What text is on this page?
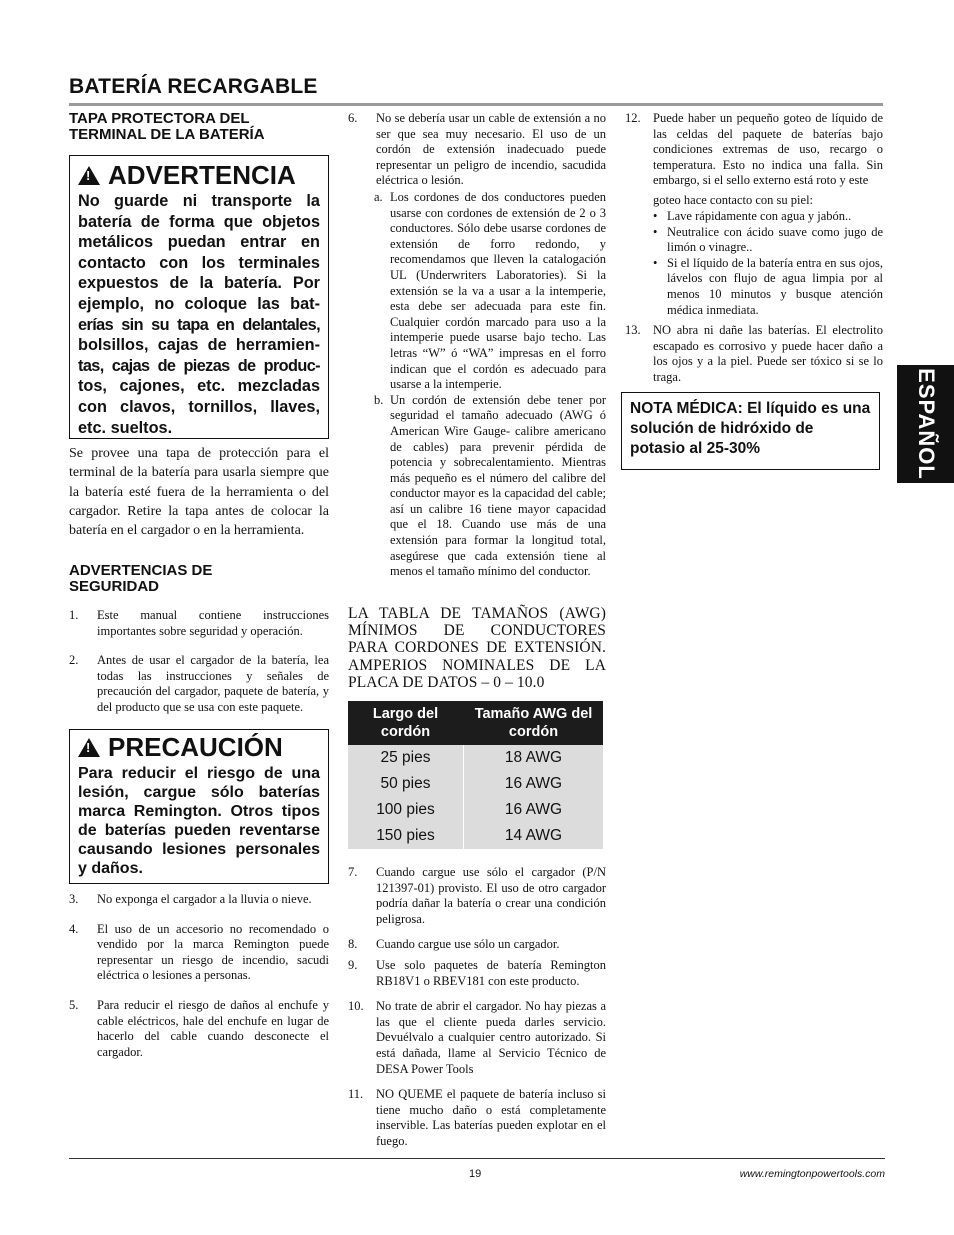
BATERÍA RECARGABLE
TAPA PROTECTORA DEL TERMINAL DE LA BATERÍA
!
ADVERTENCIA
No guarde ni transporte la
batería de forma que objetos
metálicos puedan entrar en
contacto con los terminales
expuestos de la batería. Por
ejemplo, no coloque las bat-
erías sin su tapa en delantales,
bolsillos, cajas de herramien-
tas, cajas de piezas de produc-
tos, cajones, etc. mezcladas
con clavos, tornillos, llaves,
etc. sueltos.
Se provee una tapa de protección para el terminal de la batería para usarla siempre que la batería esté fuera de la herramienta o del cargador. Retire la tapa antes de colocar la batería en el cargador o en la herramienta.
ADVERTENCIAS DE SEGURIDAD
1. Este manual contiene instrucciones importantes sobre seguridad y operación.
2. Antes de usar el cargador de la batería, lea todas las instrucciones y señales de precaución del cargador, paquete de batería, y del producto que se usa con este paquete.
!
PRECAUCIÓN
Para reducir el riesgo de una lesión, cargue sólo baterías marca Remington. Otros tipos de baterías pueden reventarse causando lesiones personales y daños.
3. No exponga el cargador a la lluvia o nieve.
4. El uso de un accesorio no recomendado o vendido por la marca Remington puede representar un riesgo de incendio, sacudi eléctrica o lesiones a personas.
5. Para reducir el riesgo de daños al enchufe y cable eléctricos, hale del enchufe en lugar de hacerlo del cable cuando desconecte el cargador.
6. No se debería usar un cable de extensión a no ser que sea muy necesario. El uso de un cordón de extensión inadecuado puede representar un peligro de incendio, sacudida eléctrica o lesión.
a. Los cordones de dos conductores pueden usarse con cordones de extensión de 2 o 3 conductores. Sólo debe usarse cordones de extensión de forro redondo, y recomendamos que lleven la catalogación UL (Underwriters Laboratories). Si la extensión se la va a usar a la intemperie, esta debe ser adecuada para este fin. Cualquier cordón marcado para uso a la intemperie puede usarse bajo techo. Las letras “W” ó “WA” impresas en el forro indican que el cordón es adecuado para usarse a la intemperie.
b. Un cordón de extensión debe tener por seguridad el tamaño adecuado (AWG ó American Wire Gauge- calibre americano de cables) para prevenir pérdida de potencia y sobrecalentamiento. Mientras más pequeño es el número del calibre del conductor mayor es la capacidad del cable; así un calibre 16 tiene mayor capacidad que el 18. Cuando use más de una extensión para formar la longitud total, asegúrese que cada extensión tiene al menos el tamaño mínimo del conductor.
LA TABLA DE TAMAÑOS (AWG) MÍNIMOS DE CONDUCTORES PARA CORDONES DE EXTENSIÓN. AMPERIOS NOMINALES DE LA PLACA DE DATOS – 0 – 10.0
Largo del cordón	Tamaño AWG del cordón
25 pies	18 AWG
50 pies	16 AWG
100 pies	16 AWG
150 pies	14 AWG
7. Cuando cargue use sólo el cargador (P/N 121397-01) provisto. El uso de otro cargador podría dañar la batería o crear una condición peligrosa.
8. Cuando cargue use sólo un cargador.
9. Use solo paquetes de batería Remington RB18V1 o RBEV181 con este producto.
10. No trate de abrir el cargador. No hay piezas a las que el cliente pueda darles servicio. Devuélvalo a cualquier centro autorizado. Si está dañada, llame al Servicio Técnico de DESA Power Tools
11. NO QUEME el paquete de batería incluso si tiene mucho daño o está completamente inservible. Las baterías pueden explotar en el fuego.
12. Puede haber un pequeño goteo de líquido de las celdas del paquete de baterías bajo condiciones extremas de uso, recargo o temperatura. Esto no indica una falla. Sin embargo, si el sello externo está roto y este
goteo hace contacto con su piel:
• Lave rápidamente con agua y jabón..
• Neutralice con ácido suave como jugo de limón o vinagre..
• Si el líquido de la batería entra en sus ojos, lávelos con flujo de agua limpia por al menos 10 minutos y busque atención médica inmediata.
13. NO abra ni dañe las baterías. El electrolito escapado es corrosivo y puede hacer daño a los ojos y a la piel. Puede ser tóxico si se lo traga.
NOTA MÉDICA: El líquido es una solución de hidróxido de potasio al 25-30%	ESPAÑOL
19	www.remingtonpowertools.com
